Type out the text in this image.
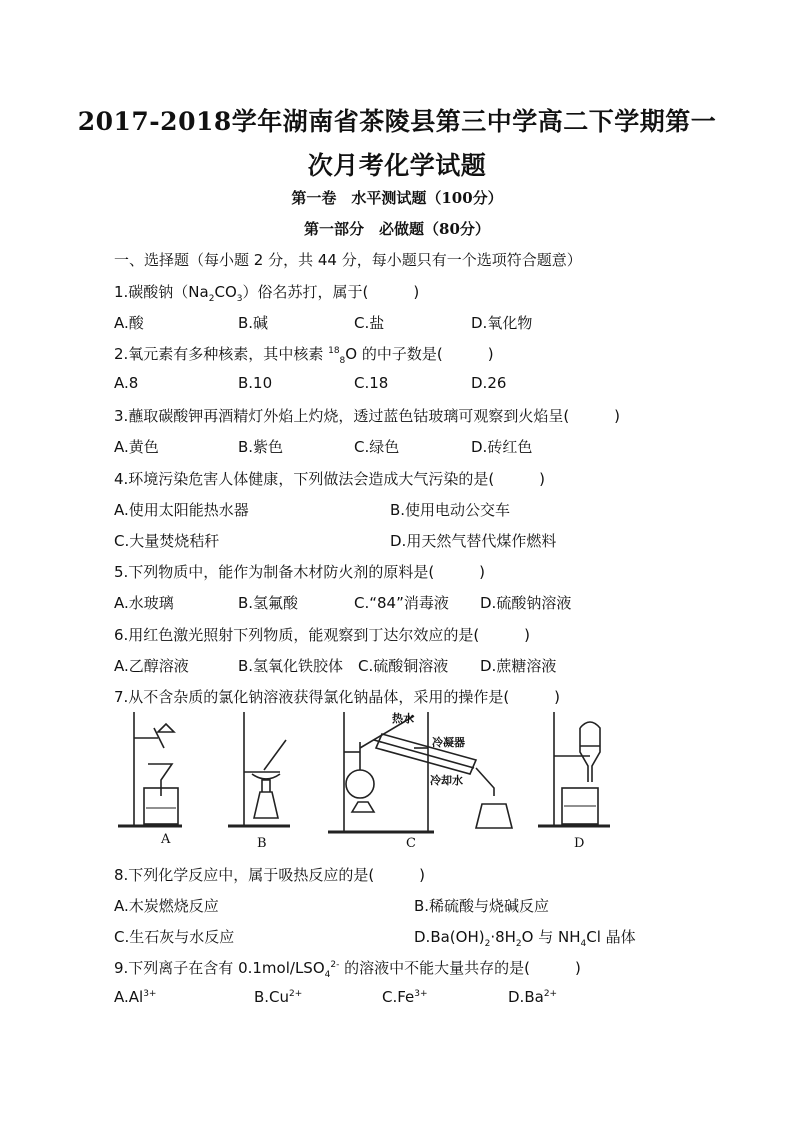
2017-2018学年湖南省茶陵县第三中学高二下学期第一
次月考化学试题
第一卷　水平测试题（100分）
第一部分　必做题（80分）
一、选择题（每小题 2 分，共 44 分，每小题只有一个选项符合题意）
1.碳酸钠$(Na_2CO_3)$俗名苏打，属于(　　　)
A.酸	B.碱	C.盐	D.氧化物
2.氧元素有多种核素，其中核素 $^{18}_8$O 的中子数是(　　　)
A.8	B.10	C.18	D.26
3.蘸取碳酸钾再酒精灯外焰上灼烧，透过蓝色钴玻璃可观察到火焰呈(　　　)
A.黄色	B.紫色	C.绿色	D.砖红色
4.环境污染危害人体健康，下列做法会造成大气污染的是(　　　)
A.使用太阳能热水器	B.使用电动公交车
C.大量焚烧秸秆	D.用天然气替代煤作燃料
5.下列物质中，能作为制备木材防火剂的原料是(　　　)
A.水玻璃	B.氢氟酸	C.“84”消毒液 D.硫酸钠溶液
6.用红色激光照射下列物质，能观察到丁达尔效应的是(　　　)
A.乙醇溶液	B.氢氧化铁胶体 C.硫酸铜溶液 D.蔗糖溶液
7.从不含杂质的氯化钠溶液获得氯化钠晶体，采用的操作是(　　　)
A	B	C	D
热水
冷凝器
冷却水
8.下列化学反应中，属于吸热反应的是(　　　)
A.木炭燃烧反应	B.稀硫酸与烧碱反应
C.生石灰与水反应	$D.Ba(OH)_2\cdot 8H_2O$ 与 $NH_4Cl$ 晶体
9.下列离子在含有 $0.1mol/LSO_4^{2-}$ 的溶液中不能大量共存的是(　　　)
$A.Al^{3+}$	$B.Cu^{2+}$	$C.Fe^{3+}$	$D.Ba^{2+}$
